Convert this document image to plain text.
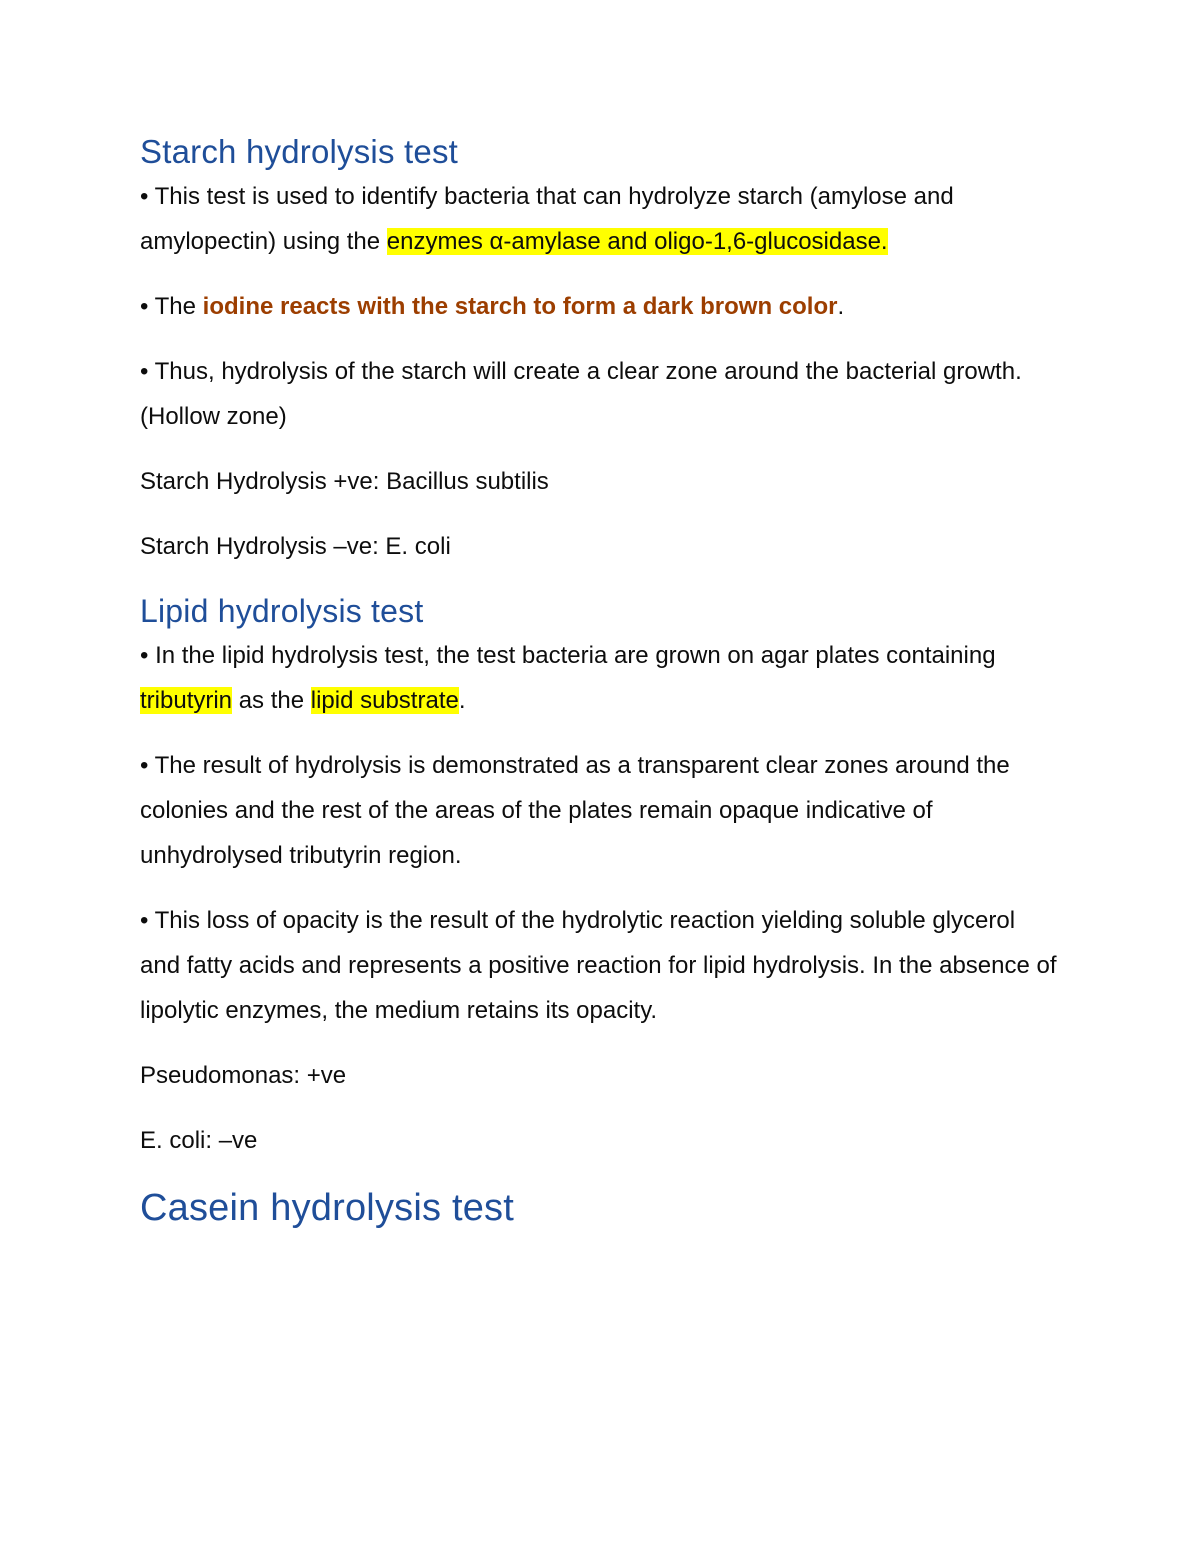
Starch hydrolysis test

• This test is used to identify bacteria that can hydrolyze starch (amylose and amylopectin) using the enzymes α-amylase and oligo-1,6-glucosidase.

• The iodine reacts with the starch to form a dark brown color.

• Thus, hydrolysis of the starch will create a clear zone around the bacterial growth. (Hollow zone)

Starch Hydrolysis +ve: Bacillus subtilis

Starch Hydrolysis –ve: E. coli

Lipid hydrolysis test

• In the lipid hydrolysis test, the test bacteria are grown on agar plates containing tributyrin as the lipid substrate.

• The result of hydrolysis is demonstrated as a transparent clear zones around the colonies and the rest of the areas of the plates remain opaque indicative of unhydrolysed tributyrin region.

• This loss of opacity is the result of the hydrolytic reaction yielding soluble glycerol and fatty acids and represents a positive reaction for lipid hydrolysis. In the absence of lipolytic enzymes, the medium retains its opacity.

Pseudomonas: +ve

E. coli: –ve

Casein hydrolysis test
